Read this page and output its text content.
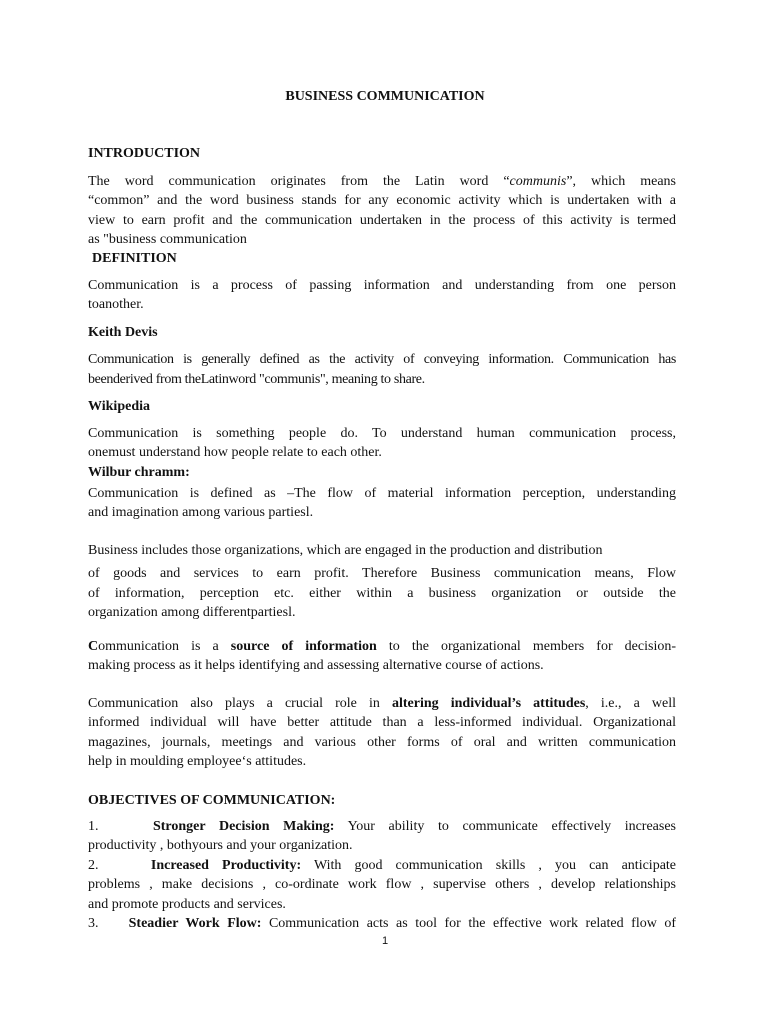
BUSINESS COMMUNICATION
INTRODUCTION
The word communication originates from the Latin word “communis”, which means
“common” and the word business stands for any economic activity which is undertaken with a
view to earn profit and the communication undertaken in the process of this activity is termed
as "business communication
DEFINITION
Communication is a process of passing information and understanding from one person
toanother.
Keith Devis
Communication is generally defined as the activity of conveying information. Communication has
beenderived from theLatinword "communis", meaning to share.
Wikipedia
Communication is something people do. To understand human communication process,
onemust understand how people relate to each other.
Wilbur chramm:
Communication is defined as –The flow of material information perception, understanding
and imagination among various partiesl.
Business includes those organizations, which are engaged in the production and distribution
of goods and services to earn profit. Therefore Business communication means, Flow
of information, perception etc. either within a business organization or outside the
organization among differentpartiesl.
Communication is a source of information to the organizational members for decision-
making process as it helps identifying and assessing alternative course of actions.
Communication also plays a crucial role in altering individual’s attitudes, i.e., a well
informed individual will have better attitude than a less-informed individual. Organizational
magazines, journals, meetings and various other forms of oral and written communication
help in moulding employee‘s attitudes.
OBJECTIVES OF COMMUNICATION:
1.	Stronger Decision Making: Your ability to communicate effectively increases
productivity , bothyours and your organization.
2.	Increased Productivity: With good communication skills , you can anticipate
problems , make decisions , co-ordinate work flow , supervise others , develop relationships
and promote products and services.
3. Steadier Work Flow: Communication acts as tool for the effective work related flow of
1
